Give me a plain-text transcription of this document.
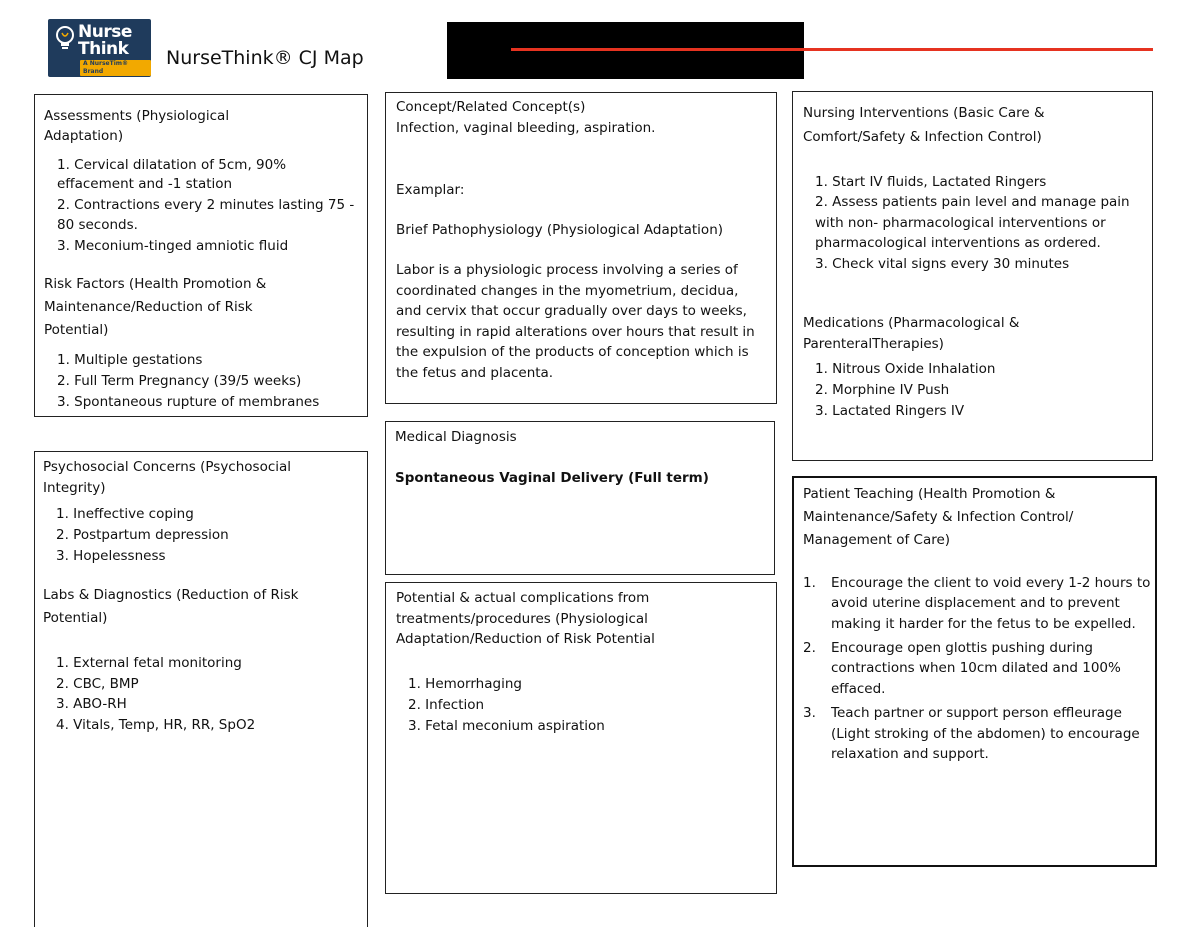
Nurse
Think
A NurseTim® Brand
NurseThink® CJ Map
Assessments (Physiological
Adaptation)
1. Cervical dilatation of 5cm, 90%
effacement and -1 station
2. Contractions every 2 minutes lasting 75 -
80 seconds.
3. Meconium-tinged amniotic fluid
Risk Factors (Health Promotion &
Maintenance/Reduction of Risk
Potential)
1. Multiple gestations
2. Full Term Pregnancy (39/5 weeks)
3. Spontaneous rupture of membranes
Psychosocial Concerns (Psychosocial
Integrity)
1. Ineffective coping
2. Postpartum depression
3. Hopelessness
Labs & Diagnostics (Reduction of Risk
Potential)
1. External fetal monitoring
2. CBC, BMP
3. ABO-RH
4. Vitals, Temp, HR, RR, SpO2
Concept/Related Concept(s)
Infection, vaginal bleeding, aspiration.
Examplar:
Brief Pathophysiology (Physiological Adaptation)
Labor is a physiologic process involving a series of
coordinated changes in the myometrium, decidua,
and cervix that occur gradually over days to weeks,
resulting in rapid alterations over hours that result in
the expulsion of the products of conception which is
the fetus and placenta.
Medical Diagnosis
Spontaneous Vaginal Delivery (Full term)
Potential & actual complications from
treatments/procedures (Physiological
Adaptation/Reduction of Risk Potential
1. Hemorrhaging
2. Infection
3. Fetal meconium aspiration
Nursing Interventions (Basic Care &
Comfort/Safety & Infection Control)
1. Start IV fluids, Lactated Ringers
2. Assess patients pain level and manage pain
with non- pharmacological interventions or
pharmacological interventions as ordered.
3. Check vital signs every 30 minutes
Medications (Pharmacological &
ParenteralTherapies)
1. Nitrous Oxide Inhalation
2. Morphine IV Push
3. Lactated Ringers IV
Patient Teaching (Health Promotion &
Maintenance/Safety & Infection Control/
Management of Care)
1. Encourage the client to void every 1-2 hours to
avoid uterine displacement and to prevent
making it harder for the fetus to be expelled.
2. Encourage open glottis pushing during
contractions when 10cm dilated and 100%
effaced.
3. Teach partner or support person effleurage
(Light stroking of the abdomen) to encourage
relaxation and support.
